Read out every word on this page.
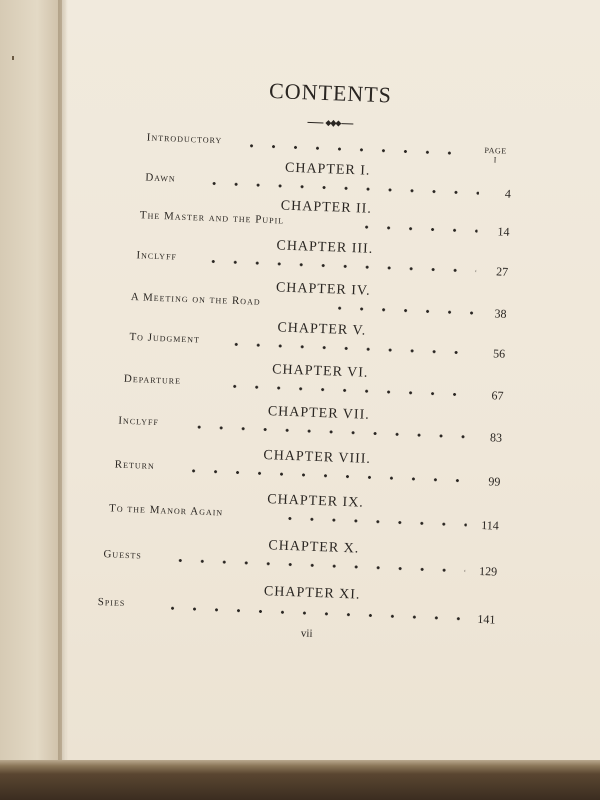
CONTENTS
PAGE
I
Introductory
CHAPTER I.
Dawn
4
CHAPTER II.
The Master and the Pupil
14
CHAPTER III.
Inclyff
27
CHAPTER IV.
A Meeting on the Road
38
CHAPTER V.
To Judgment
56
CHAPTER VI.
Departure
67
CHAPTER VII.
Inclyff
83
CHAPTER VIII.
Return
99
CHAPTER IX.
To the Manor Again
114
CHAPTER X.
Guests
129
CHAPTER XI.
Spies
141
vii
